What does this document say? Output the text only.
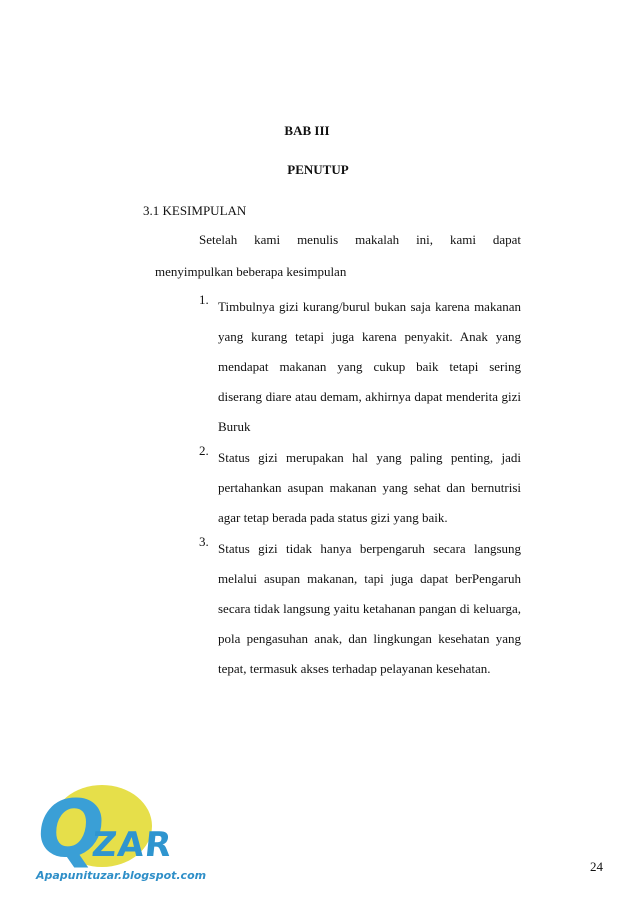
BAB III
PENUTUP
3.1 KESIMPULAN
Setelah kami menulis makalah ini, kami dapat
menyimpulkan beberapa kesimpulan
1. Timbulnya gizi kurang/burul bukan saja karena makanan yang kurang tetapi juga karena penyakit. Anak yang mendapat makanan yang cukup baik tetapi sering diserang diare atau demam, akhirnya dapat menderita gizi Buruk
2. Status gizi merupakan hal yang paling penting, jadi pertahankan asupan makanan yang sehat dan bernutrisi agar tetap berada pada status gizi yang baik.
3. Status gizi tidak hanya berpengaruh secara langsung melalui asupan makanan, tapi juga dapat berPengaruh secara tidak langsung yaitu ketahanan pangan di keluarga, pola pengasuhan anak, dan lingkungan kesehatan yang tepat, termasuk akses terhadap pelayanan kesehatan.
Q
ZAR
Apapunituzar.blogspot.com
24
